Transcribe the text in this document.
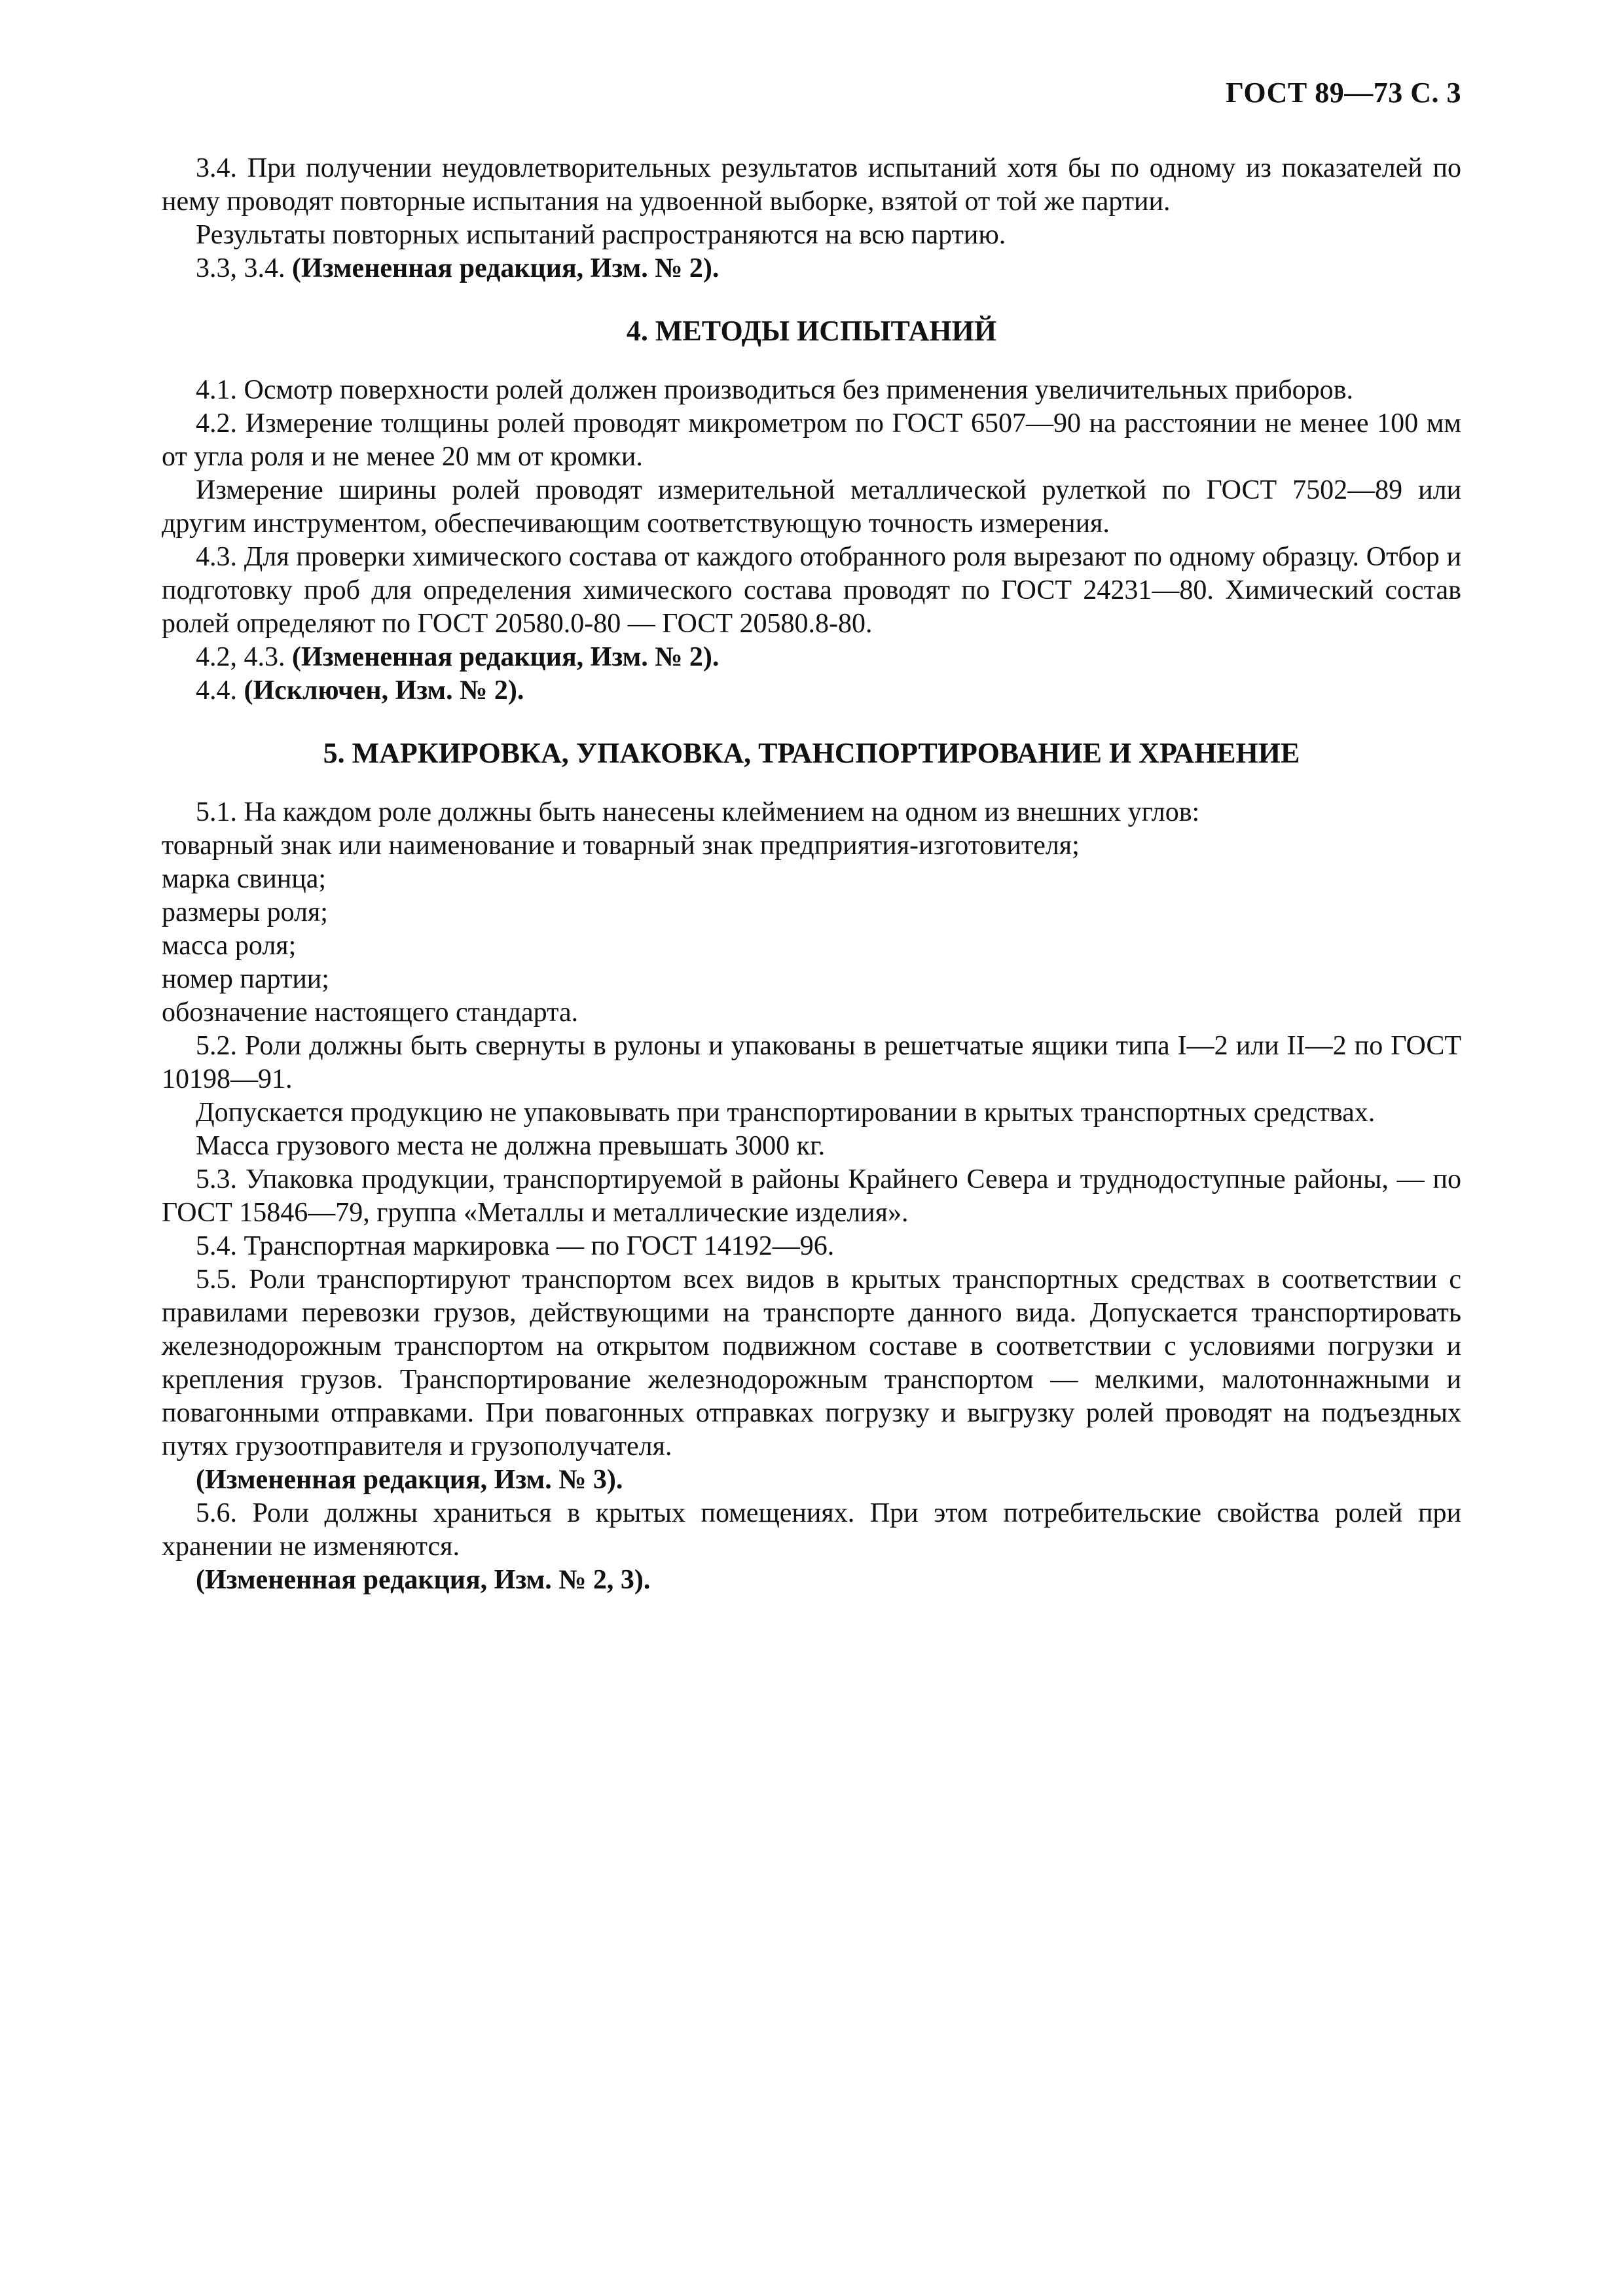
ГОСТ 89—73 С. 3

3.4. При получении неудовлетворительных результатов испытаний хотя бы по одному из показателей по нему проводят повторные испытания на удвоенной выборке, взятой от той же партии.

Результаты повторных испытаний распространяются на всю партию.

3.3, 3.4. (Измененная редакция, Изм. № 2).

4. МЕТОДЫ ИСПЫТАНИЙ

4.1. Осмотр поверхности ролей должен производиться без применения увеличительных приборов.

4.2. Измерение толщины ролей проводят микрометром по ГОСТ 6507—90 на расстоянии не менее 100 мм от угла роля и не менее 20 мм от кромки.

Измерение ширины ролей проводят измерительной металлической рулеткой по ГОСТ 7502—89 или другим инструментом, обеспечивающим соответствующую точность измерения.

4.3. Для проверки химического состава от каждого отобранного роля вырезают по одному образцу. Отбор и подготовку проб для определения химического состава проводят по ГОСТ 24231—80. Химический состав ролей определяют по ГОСТ 20580.0-80 — ГОСТ 20580.8-80.

4.2, 4.3. (Измененная редакция, Изм. № 2).

4.4. (Исключен, Изм. № 2).

5. МАРКИРОВКА, УПАКОВКА, ТРАНСПОРТИРОВАНИЕ И ХРАНЕНИЕ

5.1. На каждом роле должны быть нанесены клеймением на одном из внешних углов:

товарный знак или наименование и товарный знак предприятия-изготовителя;

марка свинца;

размеры роля;

масса роля;

номер партии;

обозначение настоящего стандарта.

5.2. Роли должны быть свернуты в рулоны и упакованы в решетчатые ящики типа I—2 или II—2 по ГОСТ 10198—91.

Допускается продукцию не упаковывать при транспортировании в крытых транспортных средствах.

Масса грузового места не должна превышать 3000 кг.

5.3. Упаковка продукции, транспортируемой в районы Крайнего Севера и труднодоступные районы, — по ГОСТ 15846—79, группа «Металлы и металлические изделия».

5.4. Транспортная маркировка — по ГОСТ 14192—96.

5.5. Роли транспортируют транспортом всех видов в крытых транспортных средствах в соответствии с правилами перевозки грузов, действующими на транспорте данного вида. Допускается транспортировать железнодорожным транспортом на открытом подвижном составе в соответствии с условиями погрузки и крепления грузов. Транспортирование железнодорожным транспортом — мелкими, малотоннажными и повагонными отправками. При повагонных отправках погрузку и выгрузку ролей проводят на подъездных путях грузоотправителя и грузополучателя.

(Измененная редакция, Изм. № 3).

5.6. Роли должны храниться в крытых помещениях. При этом потребительские свойства ролей при хранении не изменяются.

(Измененная редакция, Изм. № 2, 3).
